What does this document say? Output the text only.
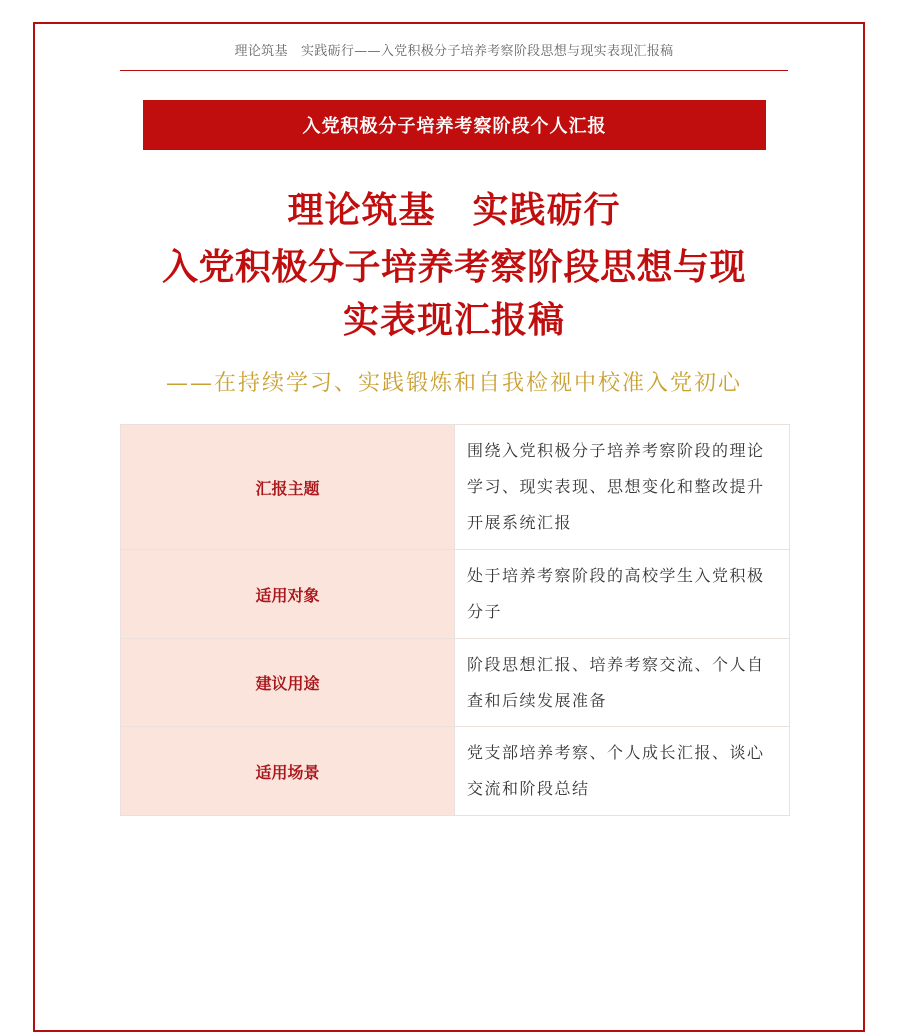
理论筑基　实践砺行——入党积极分子培养考察阶段思想与现实表现汇报稿
入党积极分子培养考察阶段个人汇报
理论筑基　实践砺行
入党积极分子培养考察阶段思想与现
实表现汇报稿
——在持续学习、实践锻炼和自我检视中校准入党初心
汇报主题	围绕入党积极分子培养考察阶段的理论学习、现实表现、思想变化和整改提升开展系统汇报
适用对象	处于培养考察阶段的高校学生入党积极分子
建议用途	阶段思想汇报、培养考察交流、个人自查和后续发展准备
适用场景	党支部培养考察、个人成长汇报、谈心交流和阶段总结
